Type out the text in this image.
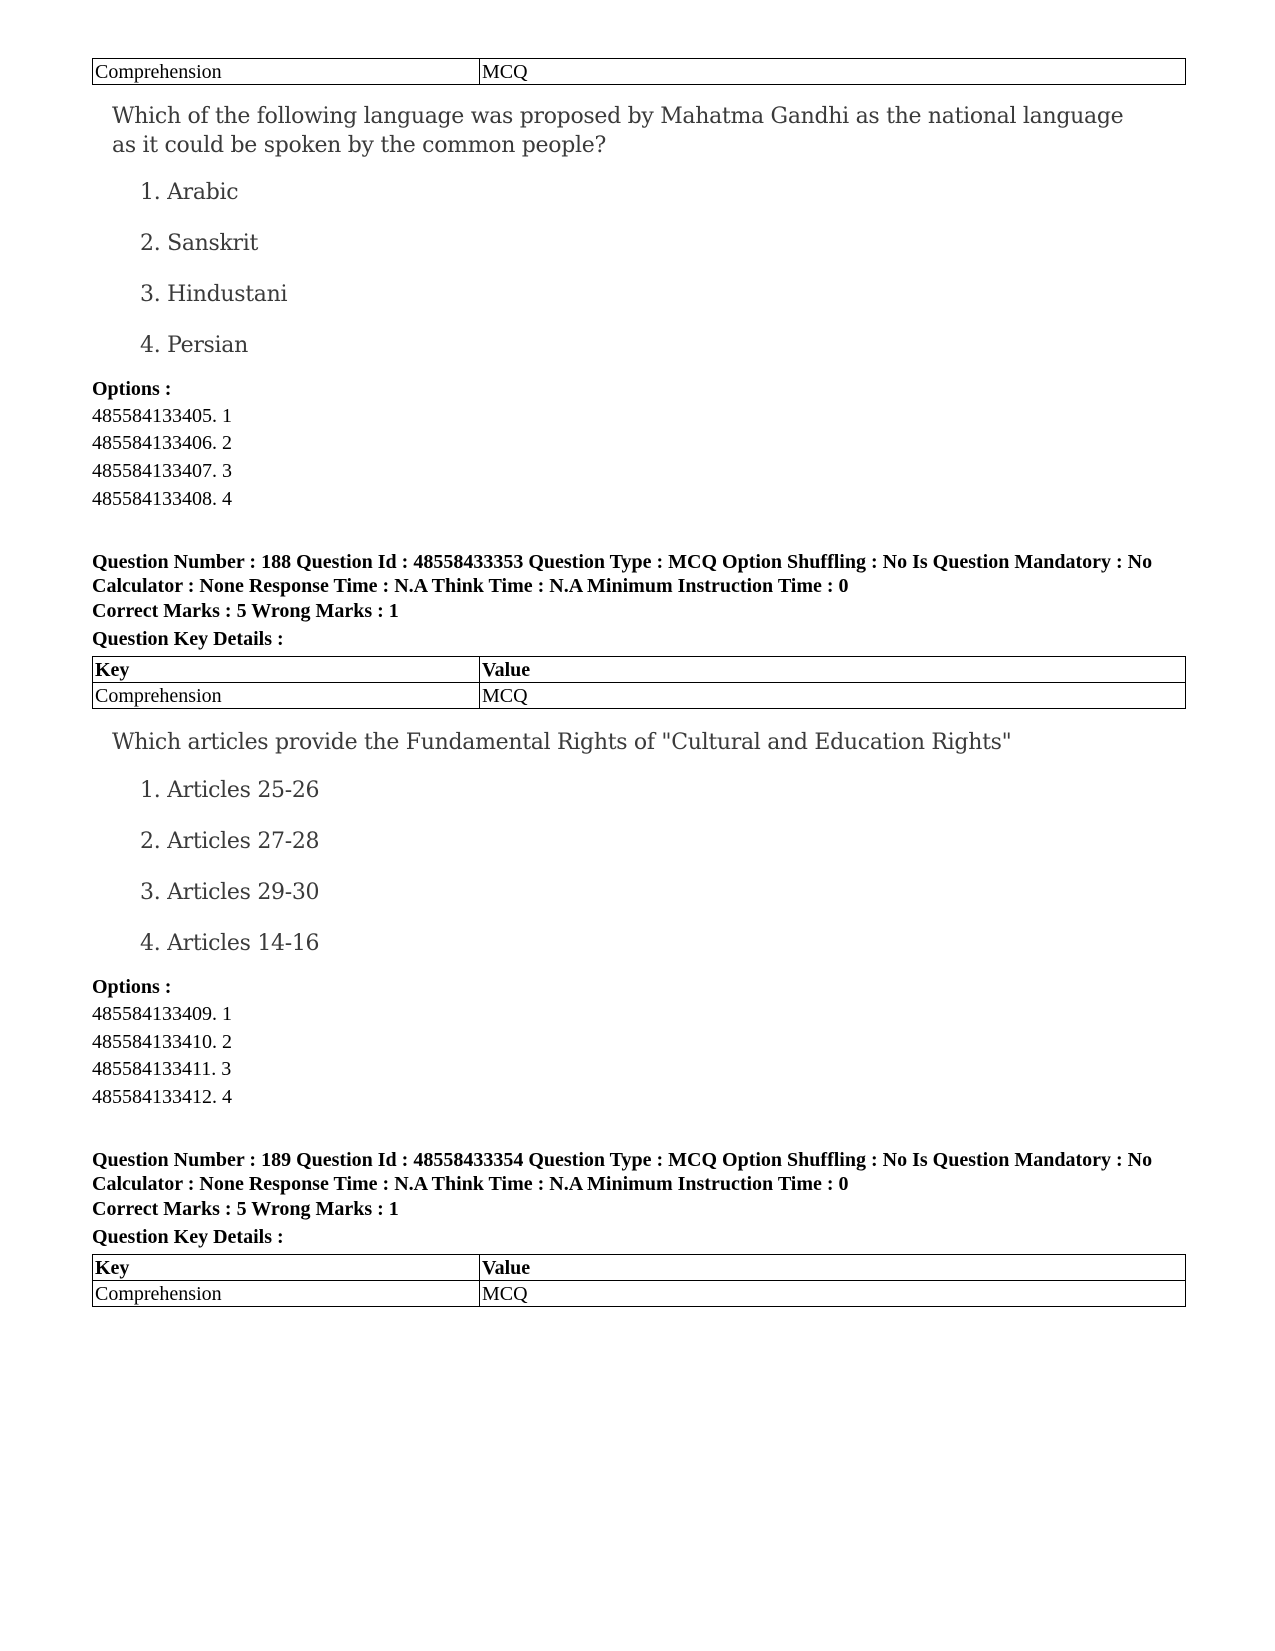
Comprehension	MCQ
Which of the following language was proposed by Mahatma Gandhi as the national language as it could be spoken by the common people?
1. Arabic
2. Sanskrit
3. Hindustani
4. Persian
Options :
485584133405. 1
485584133406. 2
485584133407. 3
485584133408. 4
Question Number : 188 Question Id : 48558433353 Question Type : MCQ Option Shuffling : No Is Question Mandatory : No Calculator : None Response Time : N.A Think Time : N.A Minimum Instruction Time : 0
Correct Marks : 5 Wrong Marks : 1
Question Key Details :
Key	Value
Comprehension	MCQ
Which articles provide the Fundamental Rights of "Cultural and Education Rights"
1. Articles 25-26
2. Articles 27-28
3. Articles 29-30
4. Articles 14-16
Options :
485584133409. 1
485584133410. 2
485584133411. 3
485584133412. 4
Question Number : 189 Question Id : 48558433354 Question Type : MCQ Option Shuffling : No Is Question Mandatory : No Calculator : None Response Time : N.A Think Time : N.A Minimum Instruction Time : 0
Correct Marks : 5 Wrong Marks : 1
Question Key Details :
Key	Value
Comprehension	MCQ
